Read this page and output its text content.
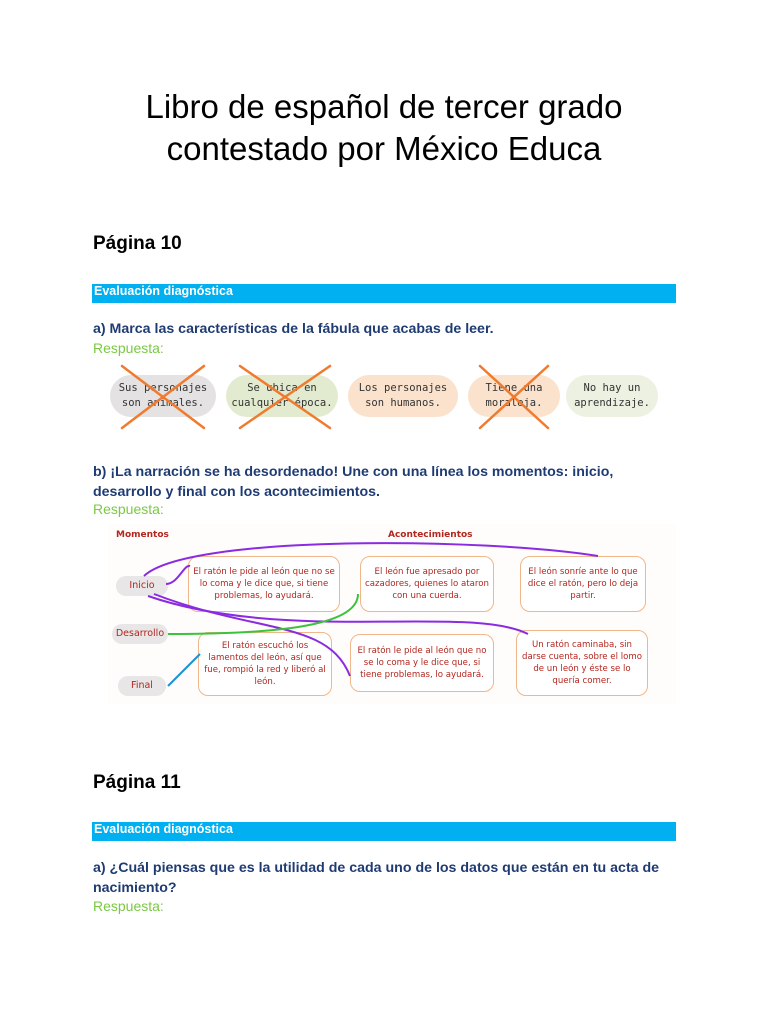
Libro de español de tercer grado
contestado por México Educa
Página 10
Evaluación diagnóstica
a) Marca las características de la fábula que acabas de leer.
Respuesta:
Sus personajes
son animales.
Se ubica en
cualquier época.
Los personajes
son humanos.
Tiene una
moraleja.
No hay un
aprendizaje.
b) ¡La narración se ha desordenado! Une con una línea los momentos: inicio, desarrollo y final con los acontecimientos.
Respuesta:
Momentos	Acontecimientos
Inicio
Desarrollo
Final
El ratón le pide al león que no se lo coma y le dice que, si tiene problemas, lo ayudará.
El león fue apresado por cazadores, quienes lo ataron con una cuerda.
El león sonríe ante lo que dice el ratón, pero lo deja partir.
El ratón escuchó los lamentos del león, así que fue, rompió la red y liberó al león.
El ratón le pide al león que no se lo coma y le dice que, si tiene problemas, lo ayudará.
Un ratón caminaba, sin darse cuenta, sobre el lomo de un león y éste se lo quería comer.
Página 11
Evaluación diagnóstica
a) ¿Cuál piensas que es la utilidad de cada uno de los datos que están en tu acta de nacimiento?
Respuesta:
